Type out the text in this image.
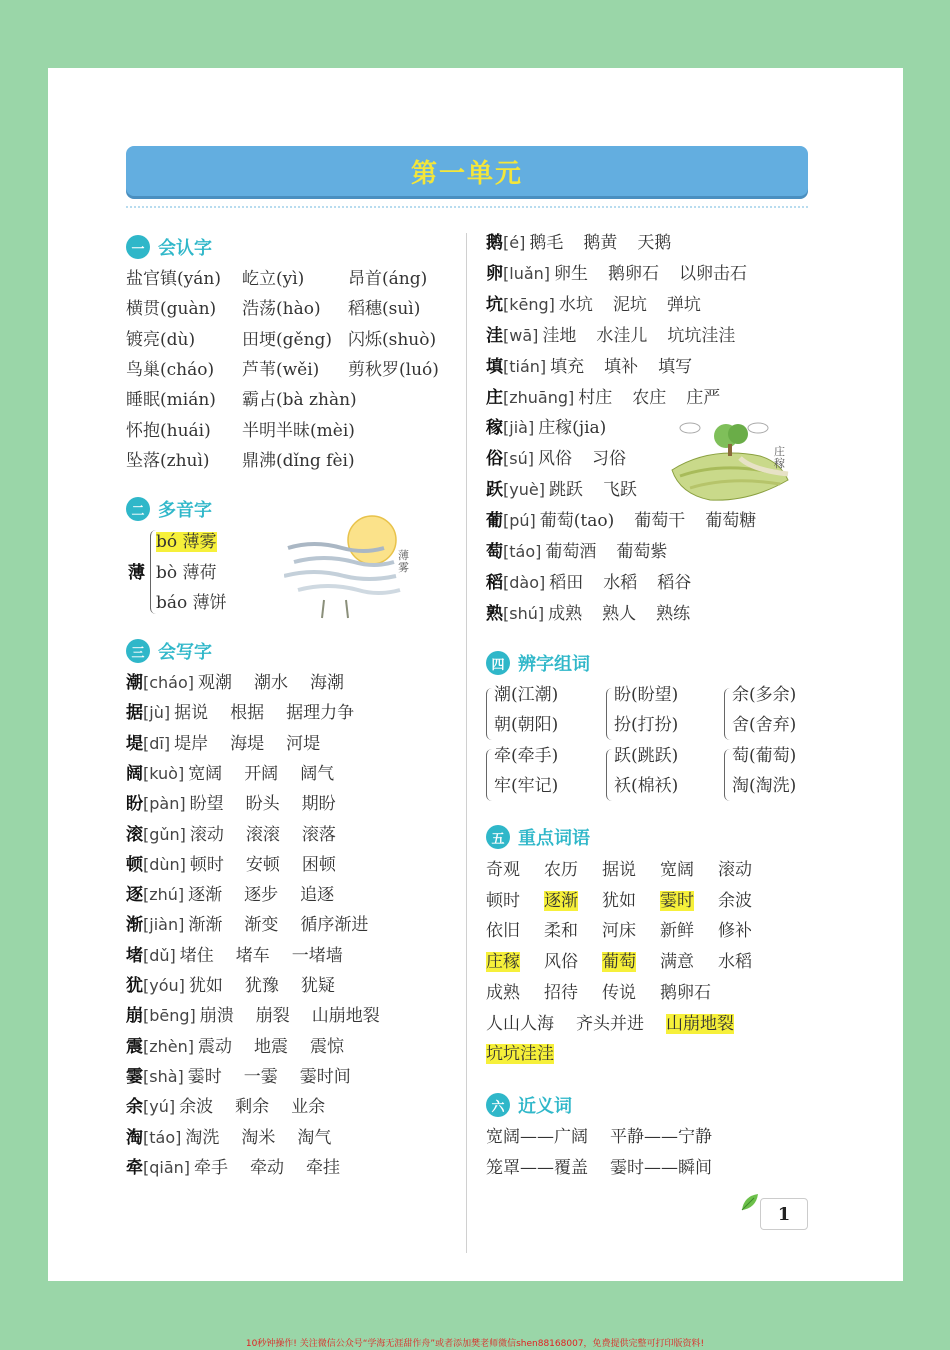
第一单元
一 会认字
盐官镇(yán) 屹立(yì)	昂首(áng)
横贯(guàn) 浩荡(hào) 稻穗(suì)
镀亮(dù)	田埂(gěng) 闪烁(shuò)
鸟巢(cháo) 芦苇(wěi) 剪秋罗(luó)
睡眠(mián) 霸占(bà zhàn)
怀抱(huái) 半明半昧(mèi)
坠落(zhuì) 鼎沸(dǐng fèi)
二 多音字
薄
bó 薄雾
bò 薄荷
báo 薄饼
薄雾
三 会写字
潮[cháo] 观潮 潮水 海潮
据[jù] 据说 根据 据理力争
堤[dī] 堤岸 海堤 河堤
阔[kuò] 宽阔 开阔 阔气
盼[pàn] 盼望 盼头 期盼
滚[gǔn] 滚动 滚滚 滚落
顿[dùn] 顿时 安顿 困顿
逐[zhú] 逐渐 逐步 追逐
渐[jiàn] 渐渐 渐变 循序渐进
堵[dǔ] 堵住 堵车 一堵墙
犹[yóu] 犹如 犹豫 犹疑
崩[bēng] 崩溃 崩裂 山崩地裂
震[zhèn] 震动 地震 震惊
霎[shà] 霎时 一霎 霎时间
余[yú] 余波 剩余 业余
淘[táo] 淘洗 淘米 淘气
牵[qiān] 牵手 牵动 牵挂
鹅[é] 鹅毛 鹅黄 天鹅
卵[luǎn] 卵生 鹅卵石 以卵击石
坑[kēng] 水坑 泥坑 弹坑
洼[wā] 洼地 水洼儿 坑坑洼洼
填[tián] 填充 填补 填写
庄[zhuāng] 村庄 农庄 庄严
稼[jià] 庄稼(jia)
俗[sú] 风俗 习俗
跃[yuè] 跳跃 飞跃
葡[pú] 葡萄(tao) 葡萄干 葡萄糖
萄[táo] 葡萄酒 葡萄紫
稻[dào] 稻田 水稻 稻谷
熟[shú] 成熟 熟人 熟练
庄稼
四 辨字组词
潮(江潮)
朝(朝阳)
盼(盼望)
扮(打扮)
余(多余)
舍(舍弃)
牵(牵手)
牢(牢记)
跃(跳跃)
袄(棉袄)
萄(葡萄)
淘(淘洗)
五 重点词语
奇观 农历 据说 宽阔 滚动
顿时 逐渐 犹如 霎时 余波
依旧 柔和 河床 新鲜 修补
庄稼 风俗 葡萄 满意 水稻
成熟 招待 传说 鹅卵石
人山人海 齐头并进 山崩地裂
坑坑洼洼
六 近义词
宽阔——广阔 平静——宁静
笼罩——覆盖 霎时——瞬间
1
10秒钟操作! 关注微信公众号“学海无涯甜作舟”或者添加樊老师微信shen88168007，免费提供完整可打印版资料!
